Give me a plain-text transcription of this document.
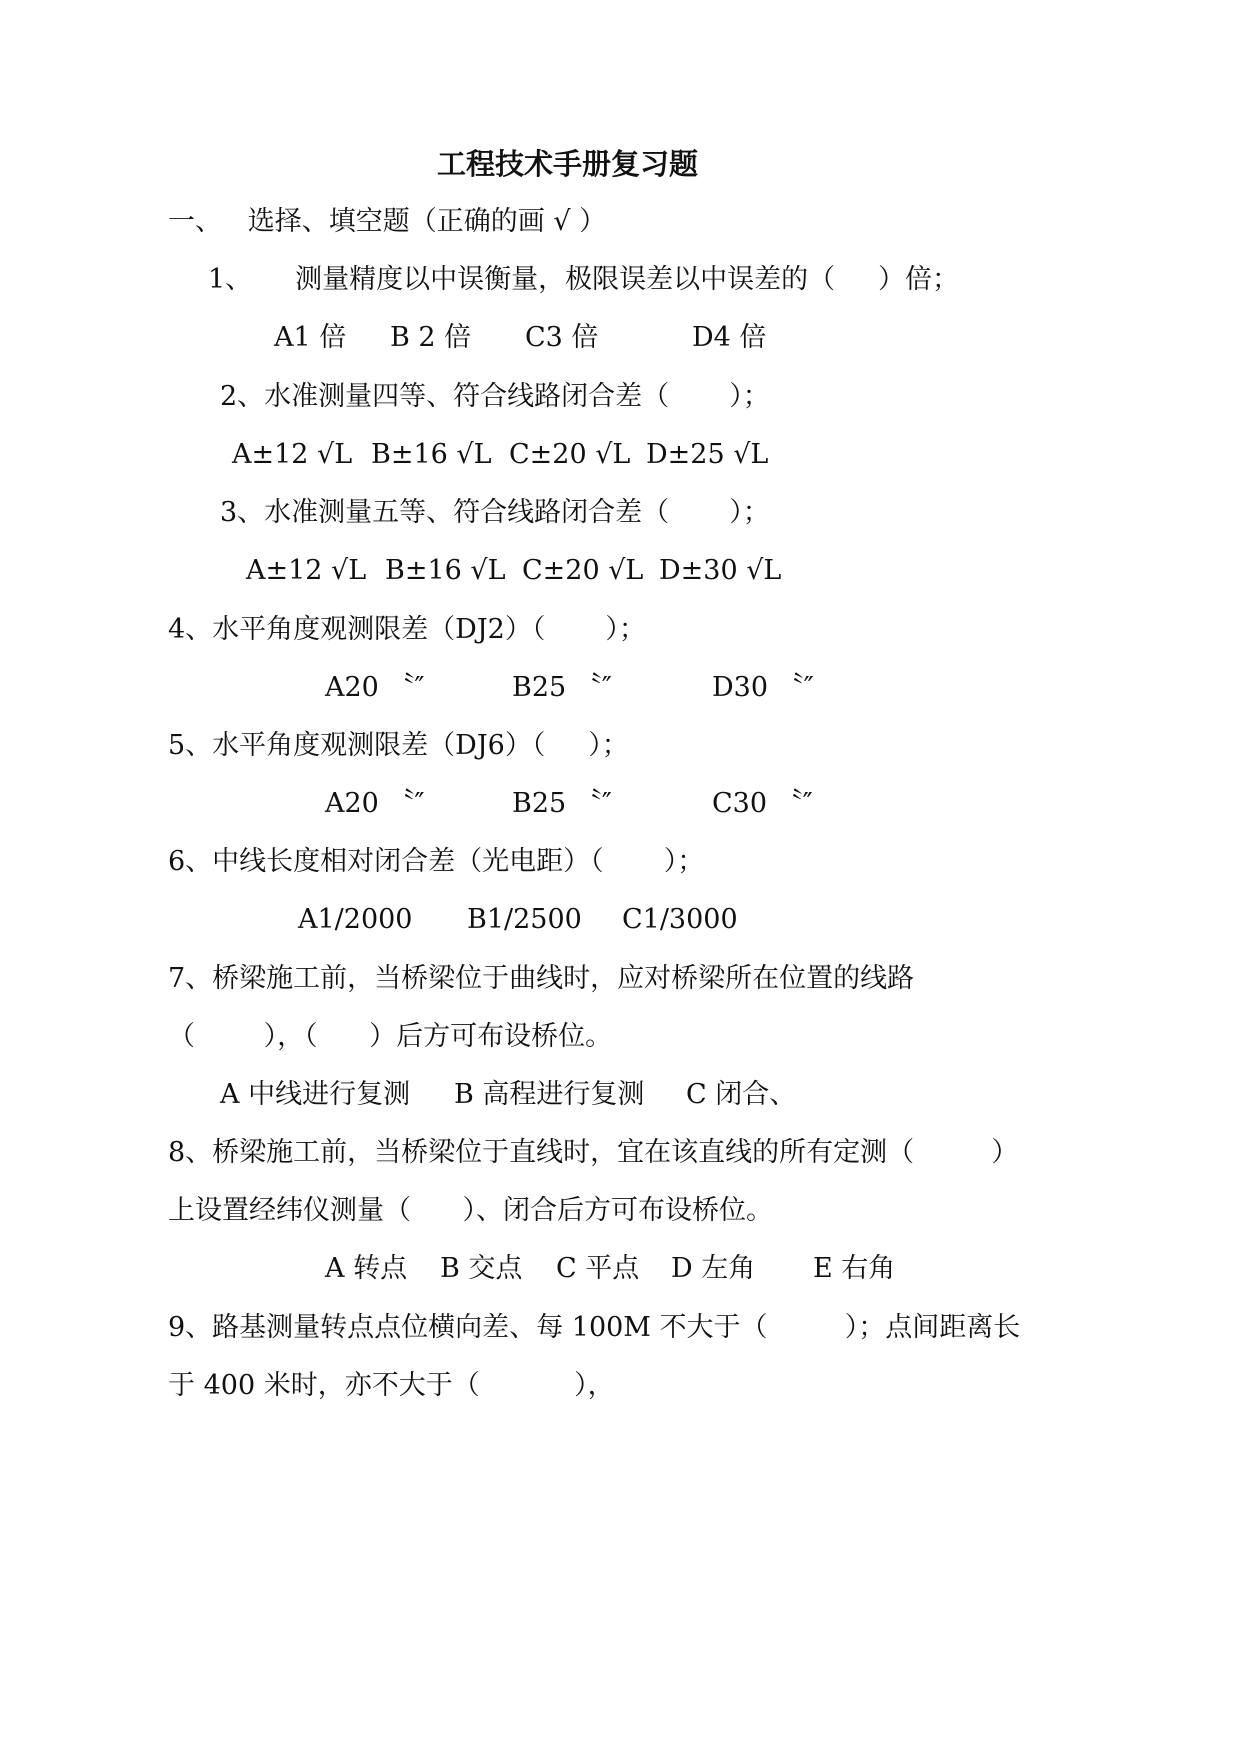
工程技术手册复习题
一、   选择、填空题（正确的画 √ ）
1、     测量精度以中误衡量，极限误差以中误差的（     ）倍；
A1 倍 B 2 倍 C3 倍	D4 倍
2、水准测量四等、符合线路闭合差（       ）；
A±12 √L B±16 √L C±20 √L D±25 √L
3、水准测量五等、符合线路闭合差（       ）；
A±12 √L B±16 √L C±20 √L D±30 √L
4、水平角度观测限差（DJ2）（       ）；
A20 〝″	B25 〝″	D30 〝″
5、水平角度观测限差（DJ6）（     ）；
A20 〝″	B25 〝″	C30 〝″
6、中线长度相对闭合差（光电距）（       ）；
A1/2000 B1/2500 C1/3000
7、桥梁施工前，当桥梁位于曲线时，应对桥梁所在位置的线路
（        ），（      ）后方可布设桥位。
A 中线进行复测 B 高程进行复测 C 闭合、
8、桥梁施工前，当桥梁位于直线时，宜在该直线的所有定测（         ）
上设置经纬仪测量（      ）、闭合后方可布设桥位。
A 转点 B 交点 C 平点 D 左角 E 右角
9、路基测量转点点位横向差、每 100M 不大于（         ）；点间距离长
于 400 米时，亦不大于（           ），
